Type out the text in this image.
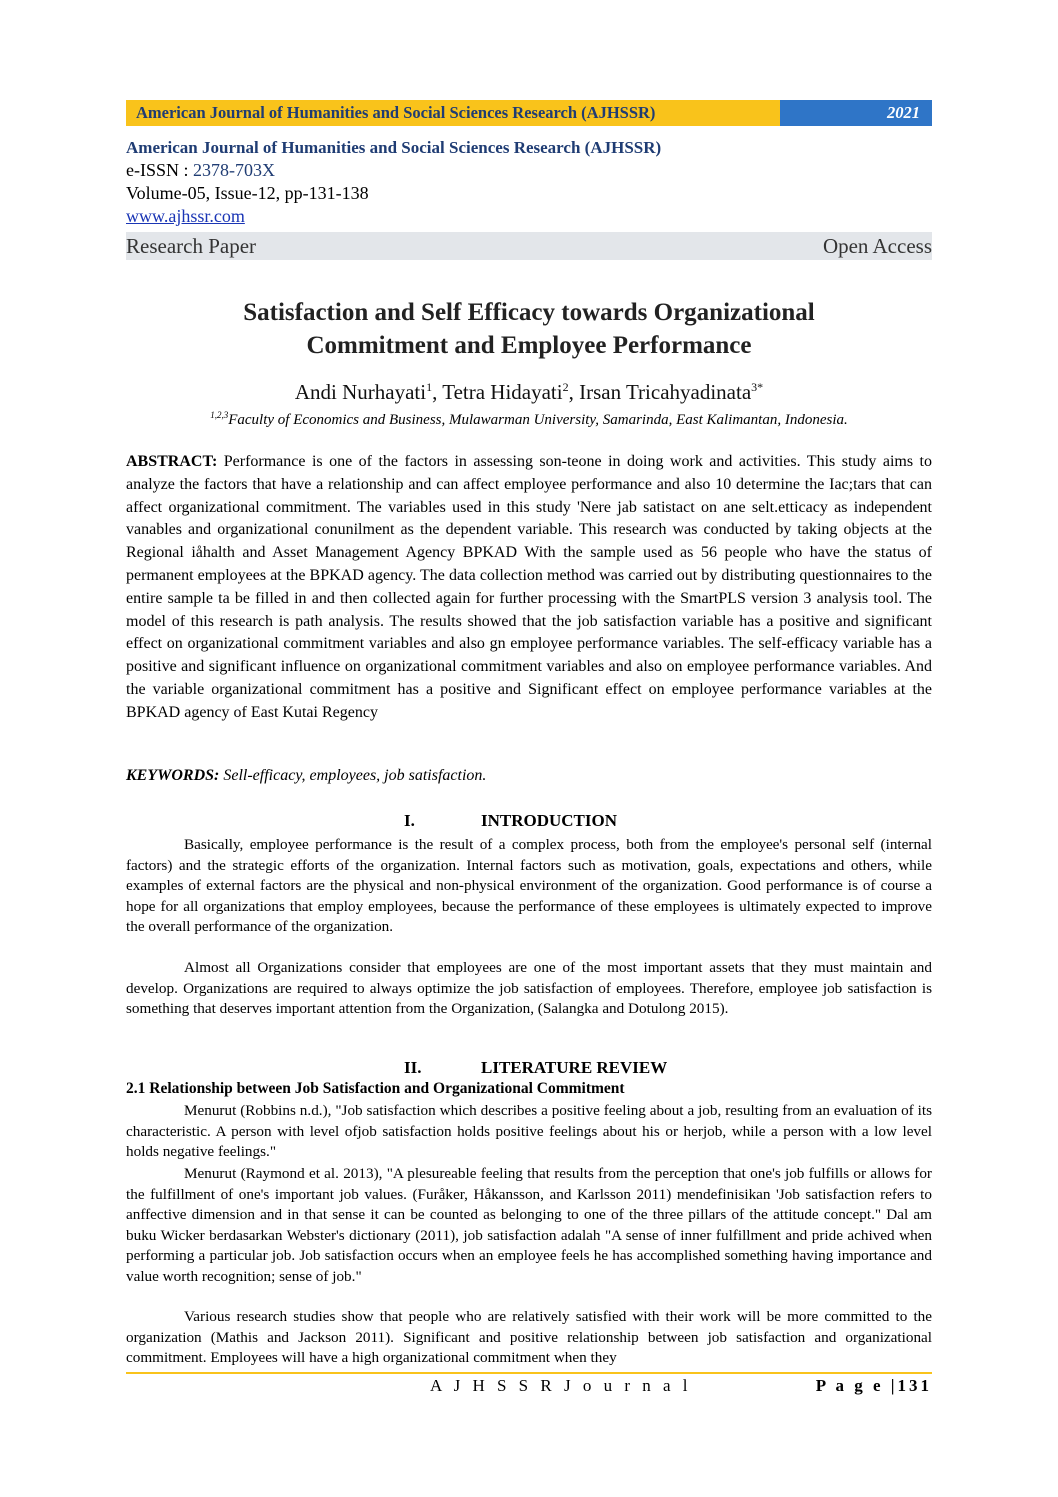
American Journal of Humanities and Social Sciences Research (AJHSSR)	2021
American Journal of Humanities and Social Sciences Research (AJHSSR)
e-ISSN : 2378-703X
Volume-05, Issue-12, pp-131-138
www.ajhssr.com
Research Paper	Open Access
Satisfaction and Self Efficacy towards Organizational
Commitment and Employee Performance
Andi Nurhayati$^1$, Tetra Hidayati$^2$, Irsan Tricahyadinata$^{3*}$
$^{1,2,3}$Faculty of Economics and Business, Mulawarman University, Samarinda, East Kalimantan, Indonesia.
ABSTRACT: Performance is one of the factors in assessing son-teone in doing work and activities. This study aims to analyze the factors that have a relationship and can affect employee performance and also 10 determine the Iac;tars that can affect organizational commitment. The variables used in this study 'Nere jab satistact on ane selt.etticacy as independent vanables and organizational conunilment as the dependent variable. This research was conducted by taking objects at the Regional iåhalth and Asset Management Agency BPKAD With the sample used as 56 people who have the status of permanent employees at the BPKAD agency. The data collection method was carried out by distributing questionnaires to the entire sample ta be filled in and then collected again for further processing with the SmartPLS version 3 analysis tool. The model of this research is path analysis. The results showed that the job satisfaction variable has a positive and significant effect on organizational commitment variables and also gn employee performance variables. The self-efficacy variable has a positive and significant influence on organizational commitment variables and also on employee performance variables. And the variable organizational commitment has a positive and Significant effect on employee performance variables at the BPKAD agency of East Kutai Regency
KEYWORDS: Sell-efficacy, employees, job satisfaction.
I.	INTRODUCTION
Basically, employee performance is the result of a complex process, both from the employee's personal self (internal factors) and the strategic efforts of the organization. Internal factors such as motivation, goals, expectations and others, while examples of external factors are the physical and non-physical environment of the organization. Good performance is of course a hope for all organizations that employ employees, because the performance of these employees is ultimately expected to improve the overall performance of the organization.
Almost all Organizations consider that employees are one of the most important assets that they must maintain and develop. Organizations are required to always optimize the job satisfaction of employees. Therefore, employee job satisfaction is something that deserves important attention from the Organization, (Salangka and Dotulong 2015).
II.	LITERATURE REVIEW
2.1 Relationship between Job Satisfaction and Organizational Commitment
Menurut (Robbins n.d.), "Job satisfaction which describes a positive feeling about a job, resulting from an evaluation of its characteristic. A person with level ofjob satisfaction holds positive feelings about his or herjob, while a person with a low level holds negative feelings."
Menurut (Raymond et al. 2013), "A plesureable feeling that results from the perception that one's job fulfills or allows for the fulfillment of one's important job values. (Furåker, Håkansson, and Karlsson 2011) mendefinisikan 'Job satisfaction refers to anffective dimension and in that sense it can be counted as belonging to one of the three pillars of the attitude concept." Dal am buku Wicker berdasarkan Webster's dictionary (2011), job satisfaction adalah "A sense of inner fulfillment and pride achived when performing a particular job. Job satisfaction occurs when an employee feels he has accomplished something having importance and value worth recognition; sense of job."
Various research studies show that people who are relatively satisfied with their work will be more committed to the organization (Mathis and Jackson 2011). Significant and positive relationship between job satisfaction and organizational commitment. Employees will have a high organizational commitment when they
A J H S S R J o u r n a l	P a g e |131
